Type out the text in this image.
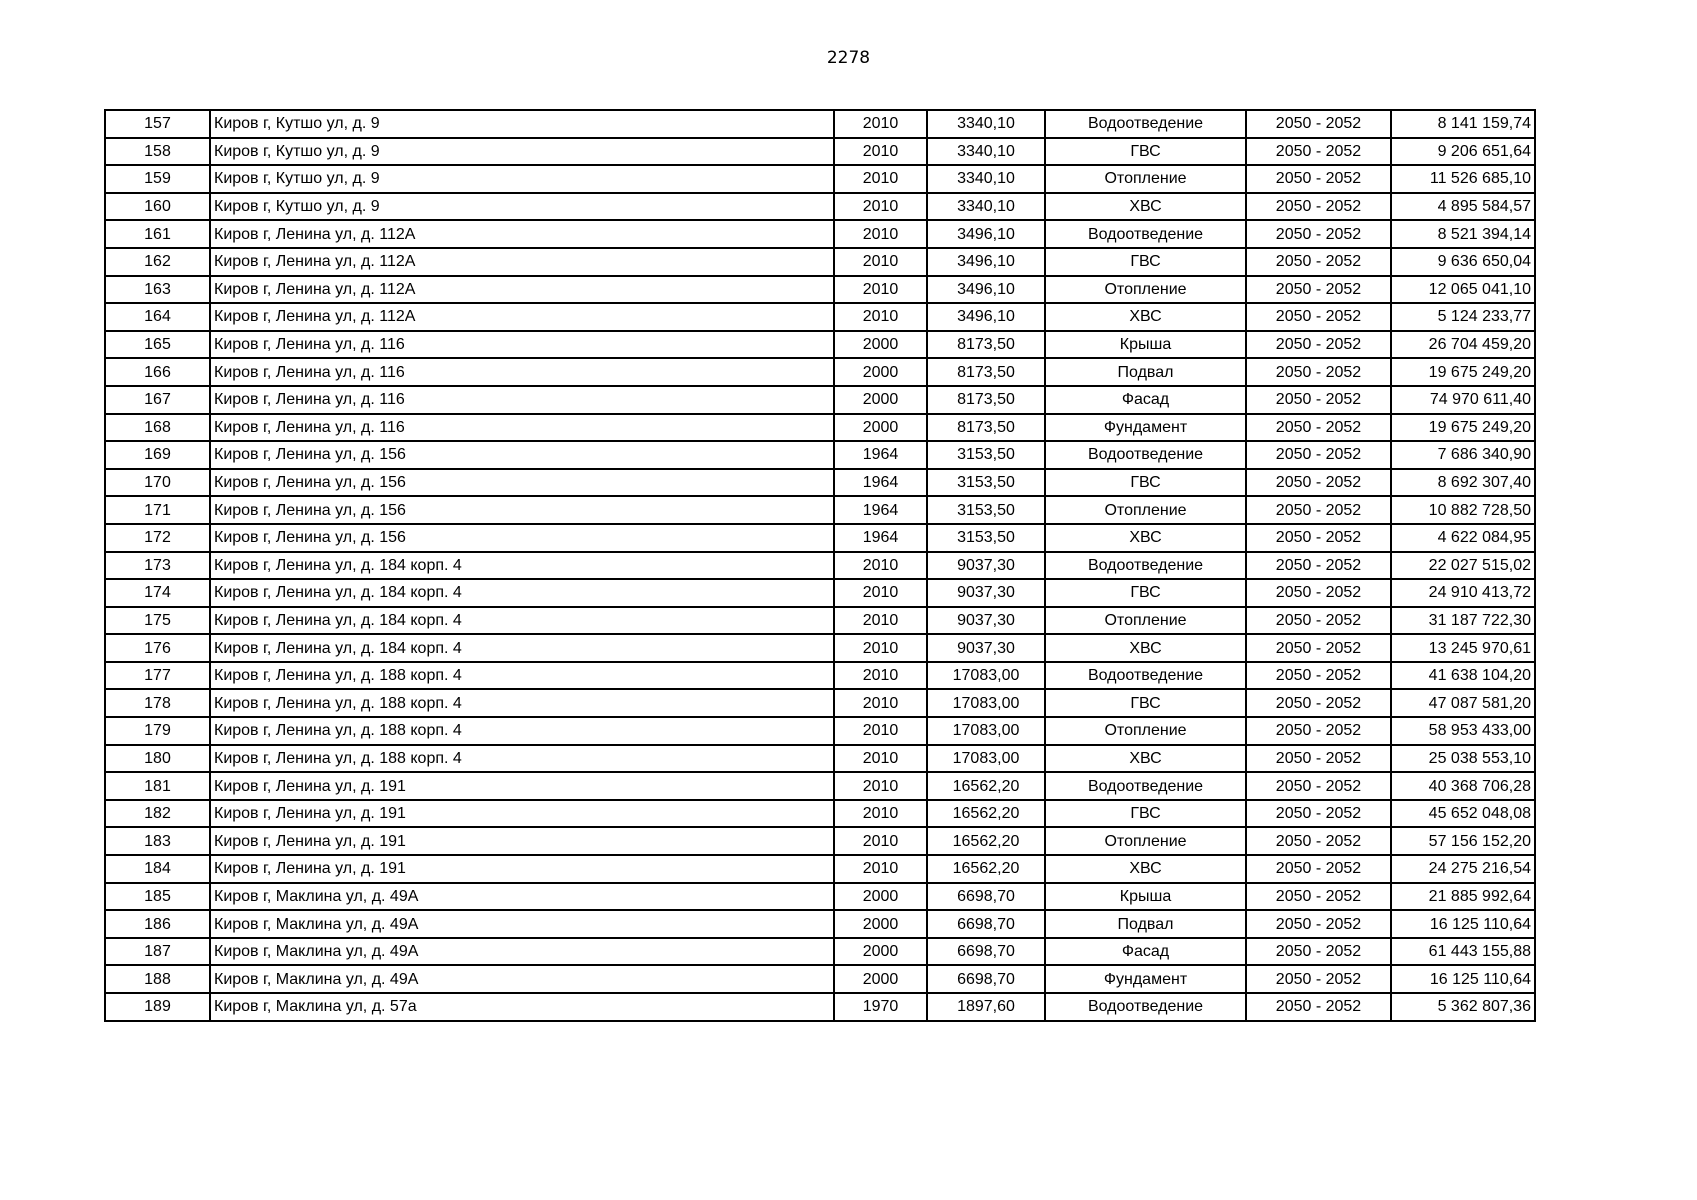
2278
157	Киров г, Кутшо ул, д. 9	2010	3340,10	Водоотведение	2050 - 2052	8 141 159,74
158	Киров г, Кутшо ул, д. 9	2010	3340,10	ГВС	2050 - 2052	9 206 651,64
159	Киров г, Кутшо ул, д. 9	2010	3340,10	Отопление	2050 - 2052	11 526 685,10
160	Киров г, Кутшо ул, д. 9	2010	3340,10	ХВС	2050 - 2052	4 895 584,57
161	Киров г, Ленина ул, д. 112А	2010	3496,10	Водоотведение	2050 - 2052	8 521 394,14
162	Киров г, Ленина ул, д. 112А	2010	3496,10	ГВС	2050 - 2052	9 636 650,04
163	Киров г, Ленина ул, д. 112А	2010	3496,10	Отопление	2050 - 2052	12 065 041,10
164	Киров г, Ленина ул, д. 112А	2010	3496,10	ХВС	2050 - 2052	5 124 233,77
165	Киров г, Ленина ул, д. 116	2000	8173,50	Крыша	2050 - 2052	26 704 459,20
166	Киров г, Ленина ул, д. 116	2000	8173,50	Подвал	2050 - 2052	19 675 249,20
167	Киров г, Ленина ул, д. 116	2000	8173,50	Фасад	2050 - 2052	74 970 611,40
168	Киров г, Ленина ул, д. 116	2000	8173,50	Фундамент	2050 - 2052	19 675 249,20
169	Киров г, Ленина ул, д. 156	1964	3153,50	Водоотведение	2050 - 2052	7 686 340,90
170	Киров г, Ленина ул, д. 156	1964	3153,50	ГВС	2050 - 2052	8 692 307,40
171	Киров г, Ленина ул, д. 156	1964	3153,50	Отопление	2050 - 2052	10 882 728,50
172	Киров г, Ленина ул, д. 156	1964	3153,50	ХВС	2050 - 2052	4 622 084,95
173	Киров г, Ленина ул, д. 184 корп. 4	2010	9037,30	Водоотведение	2050 - 2052	22 027 515,02
174	Киров г, Ленина ул, д. 184 корп. 4	2010	9037,30	ГВС	2050 - 2052	24 910 413,72
175	Киров г, Ленина ул, д. 184 корп. 4	2010	9037,30	Отопление	2050 - 2052	31 187 722,30
176	Киров г, Ленина ул, д. 184 корп. 4	2010	9037,30	ХВС	2050 - 2052	13 245 970,61
177	Киров г, Ленина ул, д. 188 корп. 4	2010	17083,00	Водоотведение	2050 - 2052	41 638 104,20
178	Киров г, Ленина ул, д. 188 корп. 4	2010	17083,00	ГВС	2050 - 2052	47 087 581,20
179	Киров г, Ленина ул, д. 188 корп. 4	2010	17083,00	Отопление	2050 - 2052	58 953 433,00
180	Киров г, Ленина ул, д. 188 корп. 4	2010	17083,00	ХВС	2050 - 2052	25 038 553,10
181	Киров г, Ленина ул, д. 191	2010	16562,20	Водоотведение	2050 - 2052	40 368 706,28
182	Киров г, Ленина ул, д. 191	2010	16562,20	ГВС	2050 - 2052	45 652 048,08
183	Киров г, Ленина ул, д. 191	2010	16562,20	Отопление	2050 - 2052	57 156 152,20
184	Киров г, Ленина ул, д. 191	2010	16562,20	ХВС	2050 - 2052	24 275 216,54
185	Киров г, Маклина ул, д. 49А	2000	6698,70	Крыша	2050 - 2052	21 885 992,64
186	Киров г, Маклина ул, д. 49А	2000	6698,70	Подвал	2050 - 2052	16 125 110,64
187	Киров г, Маклина ул, д. 49А	2000	6698,70	Фасад	2050 - 2052	61 443 155,88
188	Киров г, Маклина ул, д. 49А	2000	6698,70	Фундамент	2050 - 2052	16 125 110,64
189	Киров г, Маклина ул, д. 57а	1970	1897,60	Водоотведение	2050 - 2052	5 362 807,36
